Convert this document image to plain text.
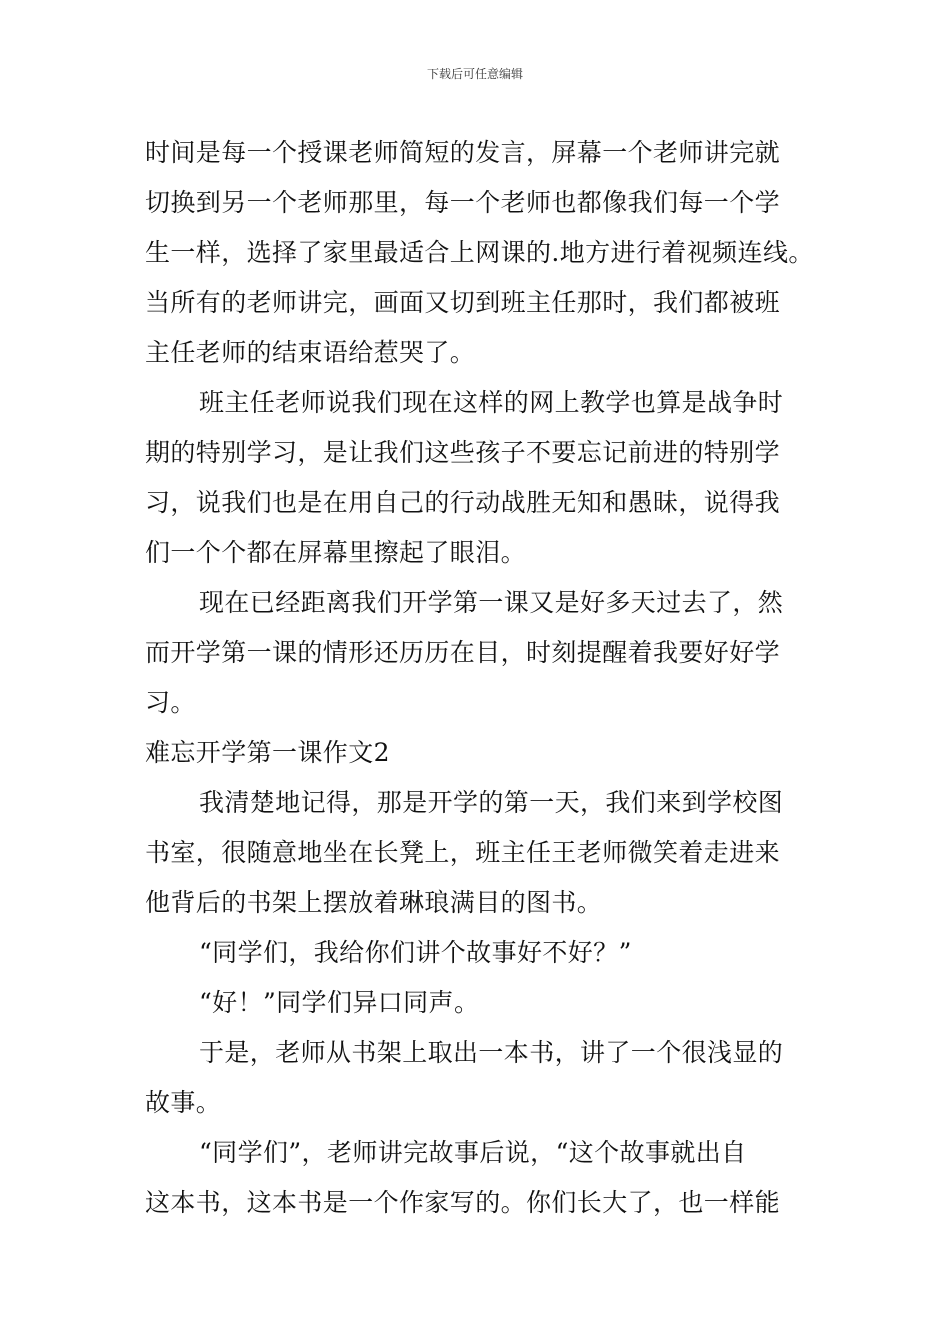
下载后可任意编辑
时间是每一个授课老师简短的发言，屏幕一个老师讲完就
切换到另一个老师那里，每一个老师也都像我们每一个学
生一样，选择了家里最适合上网课的.地方进行着视频连线。
当所有的老师讲完，画面又切到班主任那时，我们都被班
主任老师的结束语给惹哭了。
班主任老师说我们现在这样的网上教学也算是战争时
期的特别学习，是让我们这些孩子不要忘记前进的特别学
习，说我们也是在用自己的行动战胜无知和愚昧，说得我
们一个个都在屏幕里擦起了眼泪。
现在已经距离我们开学第一课又是好多天过去了，然
而开学第一课的情形还历历在目，时刻提醒着我要好好学
习。
难忘开学第一课作文2
我清楚地记得，那是开学的第一天，我们来到学校图
书室，很随意地坐在长凳上，班主任王老师微笑着走进来
他背后的书架上摆放着琳琅满目的图书。
“同学们，我给你们讲个故事好不好？”
“好！”同学们异口同声。
于是，老师从书架上取出一本书，讲了一个很浅显的
故事。
“同学们”，老师讲完故事后说，“这个故事就出自
这本书，这本书是一个作家写的。你们长大了，也一样能
